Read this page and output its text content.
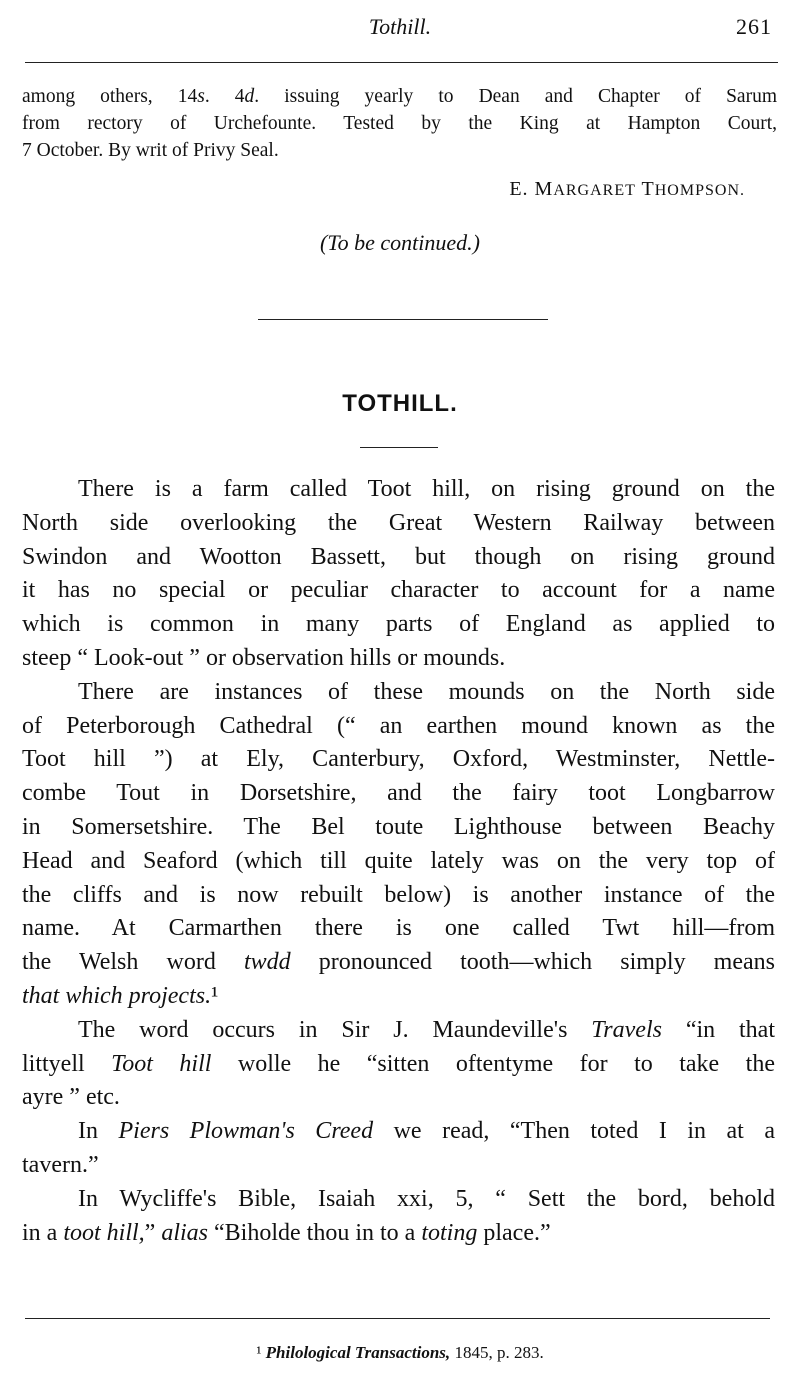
Tothill.	261
among others, 14s. 4d. issuing yearly to Dean and Chapter of Sarum
from rectory of Urchefounte. Tested by the King at Hampton Court,
7 October. By writ of Privy Seal.
E. MARGARET THOMPSON.
(To be continued.)
TOTHILL.
There is a farm called Toot hill, on rising ground on the
North side overlooking the Great Western Railway between
Swindon and Wootton Bassett, but though on rising ground
it has no special or peculiar character to account for a name
which is common in many parts of England as applied to
steep “ Look-out ” or observation hills or mounds.
There are instances of these mounds on the North side
of Peterborough Cathedral (“ an earthen mound known as the
Toot hill ”) at Ely, Canterbury, Oxford, Westminster, Nettle-
combe Tout in Dorsetshire, and the fairy toot Longbarrow
in Somersetshire. The Bel toute Lighthouse between Beachy
Head and Seaford (which till quite lately was on the very top of
the cliffs and is now rebuilt below) is another instance of the
name. At Carmarthen there is one called Twt hill—from
the Welsh word twdd pronounced tooth—which simply means
that which projects.¹
The word occurs in Sir J. Maundeville's Travels “in that
littyell Toot hill wolle he “sitten oftentyme for to take the
ayre ” etc.
In Piers Plowman's Creed we read, “Then toted I in at a
tavern.”
In Wycliffe's Bible, Isaiah xxi, 5, “ Sett the bord, behold
in a toot hill,” alias “Biholde thou in to a toting place.”
¹ Philological Transactions, 1845, p. 283.
